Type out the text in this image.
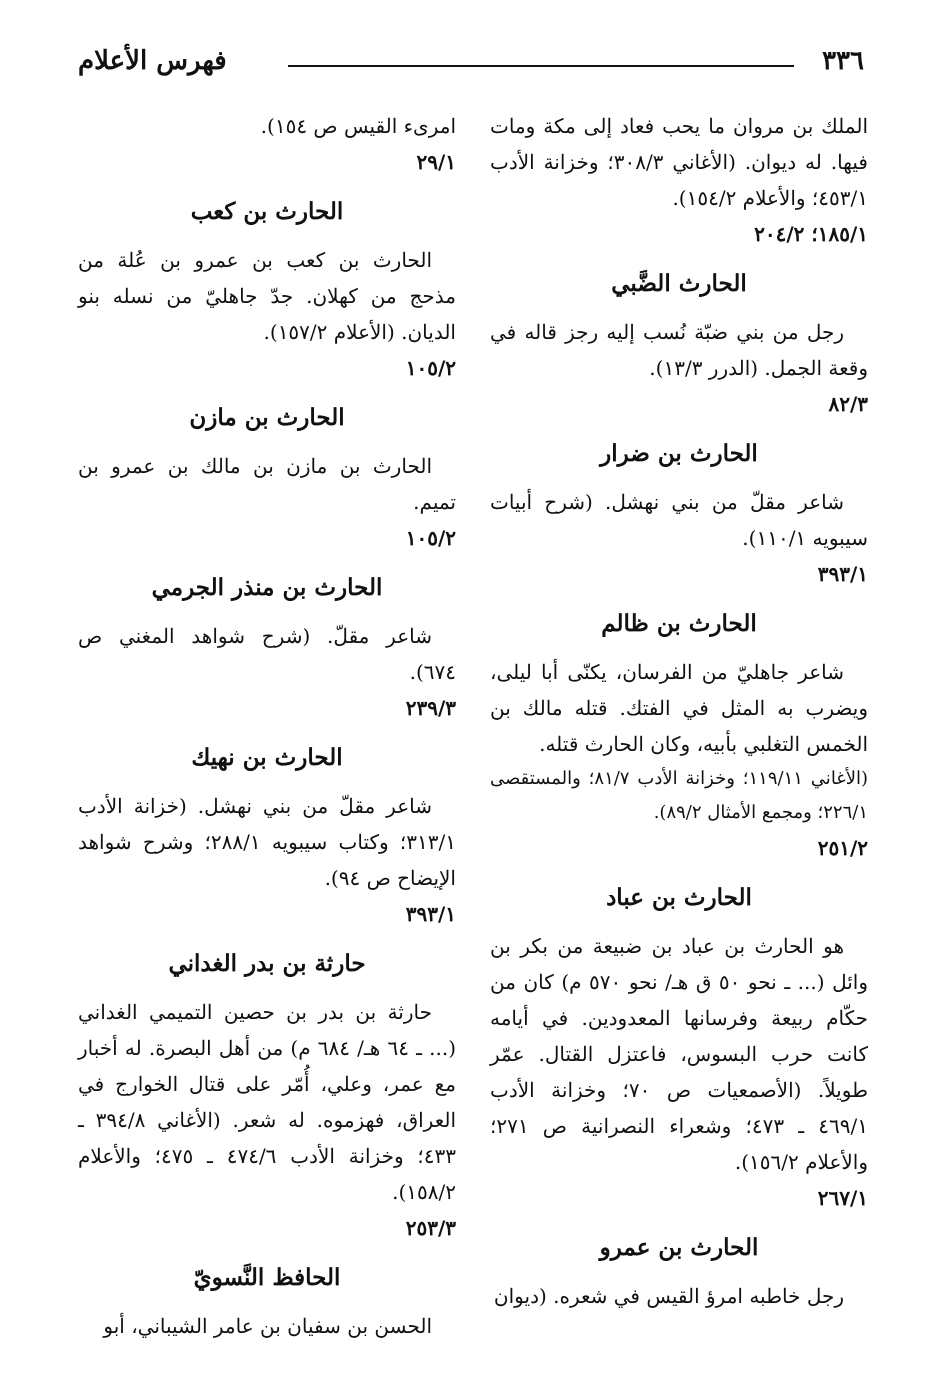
٣٣٦
فهرس الأعلام

الملك بن مروان ما يحب فعاد إلى مكة ومات فيها. له ديوان. (الأغاني ٣٠٨/٣؛ وخزانة الأدب ٤٥٣/١؛ والأعلام ١٥٤/٢).

١٨٥/١؛ ٢٠٤/٢

الحارث الضَّبي

رجل من بني ضبّة نُسب إليه رجز قاله في وقعة الجمل. (الدرر ١٣/٣).

٨٢/٣

الحارث بن ضرار

شاعر مقلّ من بني نهشل. (شرح أبيات سيبويه ١١٠/١).

٣٩٣/١

الحارث بن ظالم

شاعر جاهليّ من الفرسان، يكنّى أبا ليلى، ويضرب به المثل في الفتك. قتله مالك بن الخمس التغلبي بأبيه، وكان الحارث قتله.

(الأغاني ١١٩/١١؛ وخزانة الأدب ٨١/٧؛ والمستقصى ٢٢٦/١؛ ومجمع الأمثال ٨٩/٢).

٢٥١/٢

الحارث بن عباد

هو الحارث بن عباد بن ضبيعة من بكر بن وائل (... ـ نحو ٥٠ ق هـ/ نحو ٥٧٠ م) كان من حكّام ربيعة وفرسانها المعدودين. في أيامه كانت حرب البسوس، فاعتزل القتال. عمّر طويلاً. (الأصمعيات ص ٧٠؛ وخزانة الأدب ٤٦٩/١ ـ ٤٧٣؛ وشعراء النصرانية ص ٢٧١؛ والأعلام ١٥٦/٢).

٢٦٧/١

الحارث بن عمرو

رجل خاطبه امرؤ القيس في شعره. (ديوان

امرىء القيس ص ١٥٤).

٢٩/١

الحارث بن كعب

الحارث بن كعب بن عمرو بن عُلة من مذحج من كهلان. جدّ جاهليّ من نسله بنو الديان. (الأعلام ١٥٧/٢).

١٠٥/٢

الحارث بن مازن

الحارث بن مازن بن مالك بن عمرو بن تميم.

١٠٥/٢

الحارث بن منذر الجرمي

شاعر مقلّ. (شرح شواهد المغني ص ٦٧٤).

٢٣٩/٣

الحارث بن نهيك

شاعر مقلّ من بني نهشل. (خزانة الأدب ٣١٣/١؛ وكتاب سيبويه ٢٨٨/١؛ وشرح شواهد الإيضاح ص ٩٤).

٣٩٣/١

حارثة بن بدر الغداني

حارثة بن بدر بن حصين التميمي الغداني (... ـ ٦٤ هـ/ ٦٨٤ م) من أهل البصرة. له أخبار مع عمر، وعلي، أُمّر على قتال الخوارج في العراق، فهزموه. له شعر. (الأغاني ٣٩٤/٨ ـ ٤٣٣؛ وخزانة الأدب ٤٧٤/٦ ـ ٤٧٥؛ والأعلام ١٥٨/٢).

٢٥٣/٣

الحافظ النَّسويّ

الحسن بن سفيان بن عامر الشيباني، أبو
